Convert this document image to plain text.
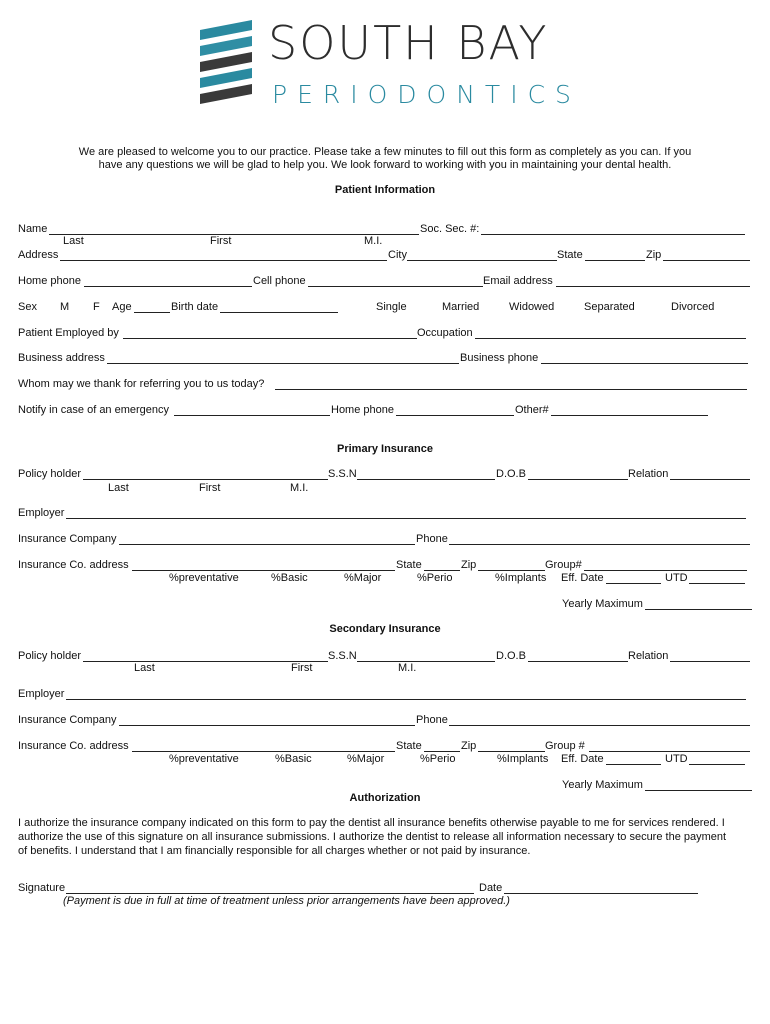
SOUTH BAY
PERIODONTICS
We are pleased to welcome you to our practice. Please take a few minutes to fill out this form as completely as you can. If you
have any questions we will be glad to help you. We look forward to working with you in maintaining your dental health.
Patient Information
Name	Soc. Sec. #:
Last	First	M.I.
Address	City	State	Zip
Home phone	Cell phone	Email address
Sex M F Age	Birth date	Single	Married	Widowed	Separated	Divorced
Patient Employed by	Occupation
Business address	Business phone
Whom may we thank for referring you to us today?
Notify in case of an emergency	Home phone	Other#
Primary Insurance
Policy holder	S.S.N	D.O.B	Relation
Last	First	M.I.
Employer
Insurance Company	Phone
Insurance Co. address	State	Zip	Group#
%preventative	%Basic	%Major	%Perio	%Implants Eff. Date	UTD
Yearly Maximum
Secondary Insurance
Policy holder	S.S.N	D.O.B	Relation
Last	First	M.I.
Employer
Insurance Company	Phone
Insurance Co. address	State	Zip	Group #
%preventative	%Basic	%Major	%Perio	%Implants Eff. Date	UTD
Yearly Maximum
Authorization
I authorize the insurance company indicated on this form to pay the dentist all insurance benefits otherwise payable to me for services rendered. I
authorize the use of this signature on all insurance submissions. I authorize the dentist to release all information necessary to secure the payment
of benefits. I understand that I am financially responsible for all charges whether or not paid by insurance.
Signature	Date
(Payment is due in full at time of treatment unless prior arrangements have been approved.)
